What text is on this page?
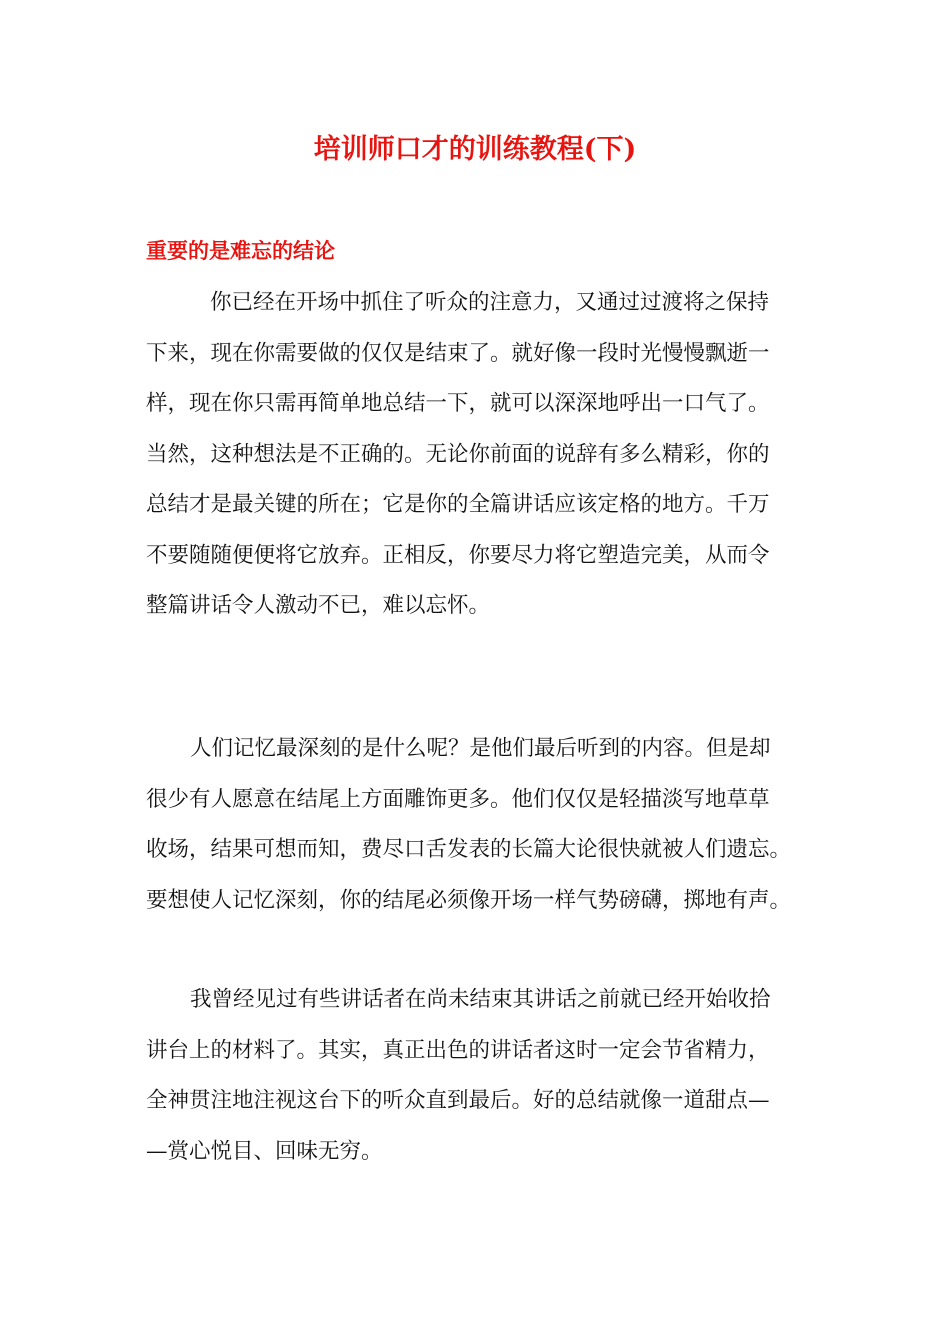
培训师口才的训练教程(下)
重要的是难忘的结论

你已经在开场中抓住了听众的注意力，又通过过渡将之保持
下来，现在你需要做的仅仅是结束了。就好像一段时光慢慢飘逝一
样，现在你只需再简单地总结一下，就可以深深地呼出一口气了。
当然，这种想法是不正确的。无论你前面的说辞有多么精彩，你的
总结才是最关键的所在；它是你的全篇讲话应该定格的地方。千万
不要随随便便将它放弃。正相反，你要尽力将它塑造完美，从而令
整篇讲话令人激动不已，难以忘怀。

人们记忆最深刻的是什么呢？是他们最后听到的内容。但是却
很少有人愿意在结尾上方面雕饰更多。他们仅仅是轻描淡写地草草
收场，结果可想而知，费尽口舌发表的长篇大论很快就被人们遗忘。
要想使人记忆深刻，你的结尾必须像开场一样气势磅礴，掷地有声。

我曾经见过有些讲话者在尚未结束其讲话之前就已经开始收拾
讲台上的材料了。其实，真正出色的讲话者这时一定会节省精力，
全神贯注地注视这台下的听众直到最后。好的总结就像一道甜点—
—赏心悦目、回味无穷。
